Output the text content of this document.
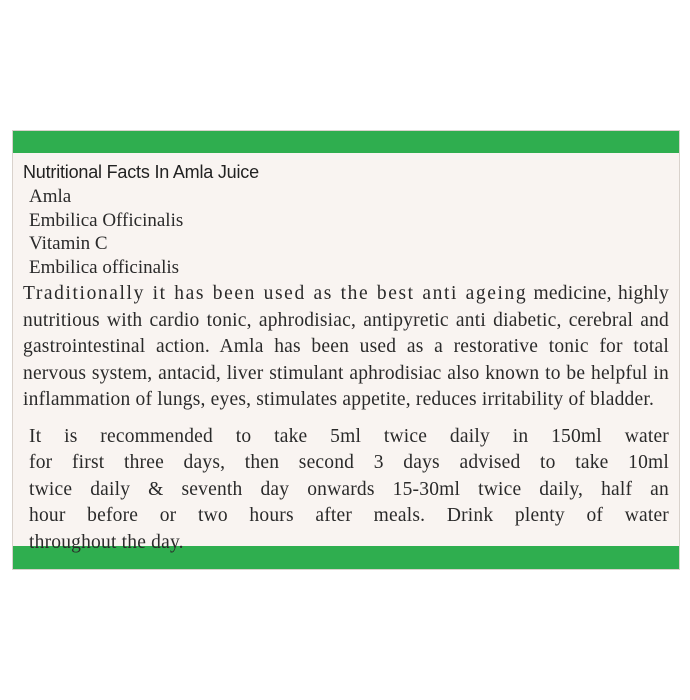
Nutritional Facts In Amla Juice
Amla
Embilica Officinalis
Vitamin C
Embilica officinalis

Traditionally it has been used as the best anti ageing medicine, highly nutritious with cardio tonic, aphrodisiac, antipyretic anti diabetic, cerebral and gastrointestinal action. Amla has been used as a restorative tonic for total nervous system, antacid, liver stimulant aphrodisiac also known to be helpful in inflammation of lungs, eyes, stimulates appetite, reduces irritability of bladder.

It is recommended to take 5ml twice daily in 150ml water
for first three days, then second 3 days advised to take 10ml
twice daily & seventh day onwards 15-30ml twice daily, half an
hour before or two hours after meals. Drink plenty of water
throughout the day.
